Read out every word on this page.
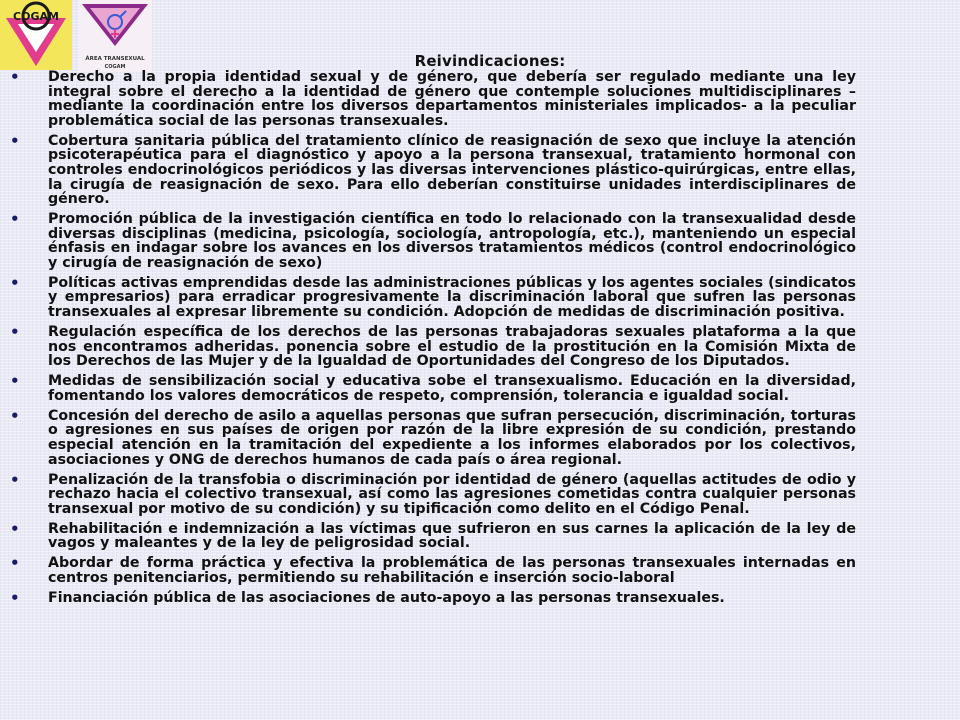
COGAM
ÁREA TRANSEXUAL
COGAM	Reivindicaciones:
• Derecho a la propia identidad sexual y de género, que debería ser regulado mediante una ley integral sobre el derecho a la identidad de género que contemple soluciones multidisciplinares – mediante la coordinación entre los diversos departamentos ministeriales implicados- a la peculiar problemática social de las personas transexuales.
• Cobertura sanitaria pública del tratamiento clínico de reasignación de sexo que incluye la atención psicoterapéutica para el diagnóstico y apoyo a la persona transexual, tratamiento hormonal con controles endocrinológicos periódicos y las diversas intervenciones plástico-quirúrgicas, entre ellas, la cirugía de reasignación de sexo. Para ello deberían constituirse unidades interdisciplinares de género.
• Promoción pública de la investigación científica en todo lo relacionado con la transexualidad desde diversas disciplinas (medicina, psicología, sociología, antropología, etc.), manteniendo un especial énfasis en indagar sobre los avances en los diversos tratamientos médicos (control endocrinológico y cirugía de reasignación de sexo)
• Políticas activas emprendidas desde las administraciones públicas y los agentes sociales (sindicatos y empresarios) para erradicar progresivamente la discriminación laboral que sufren las personas transexuales al expresar libremente su condición. Adopción de medidas de discriminación positiva.
• Regulación específica de los derechos de las personas trabajadoras sexuales plataforma a la que nos encontramos adheridas. ponencia sobre el estudio de la prostitución en la Comisión Mixta de los Derechos de las Mujer y de la Igualdad de Oportunidades del Congreso de los Diputados.
• Medidas de sensibilización social y educativa sobe el transexualismo. Educación en la diversidad, fomentando los valores democráticos de respeto, comprensión, tolerancia e igualdad social.
• Concesión del derecho de asilo a aquellas personas que sufran persecución, discriminación, torturas o agresiones en sus países de origen por razón de la libre expresión de su condición, prestando especial atención en la tramitación del expediente a los informes elaborados por los colectivos, asociaciones y ONG de derechos humanos de cada país o área regional.
• Penalización de la transfobia o discriminación por identidad de género (aquellas actitudes de odio y rechazo hacia el colectivo transexual, así como las agresiones cometidas contra cualquier personas transexual por motivo de su condición) y su tipificación como delito en el Código Penal.
• Rehabilitación e indemnización a las víctimas que sufrieron en sus carnes la aplicación de la ley de vagos y maleantes y de la ley de peligrosidad social.
• Abordar de forma práctica y efectiva la problemática de las personas transexuales internadas en centros penitenciarios, permitiendo su rehabilitación e inserción socio-laboral
• Financiación pública de las asociaciones de auto-apoyo a las personas transexuales.
